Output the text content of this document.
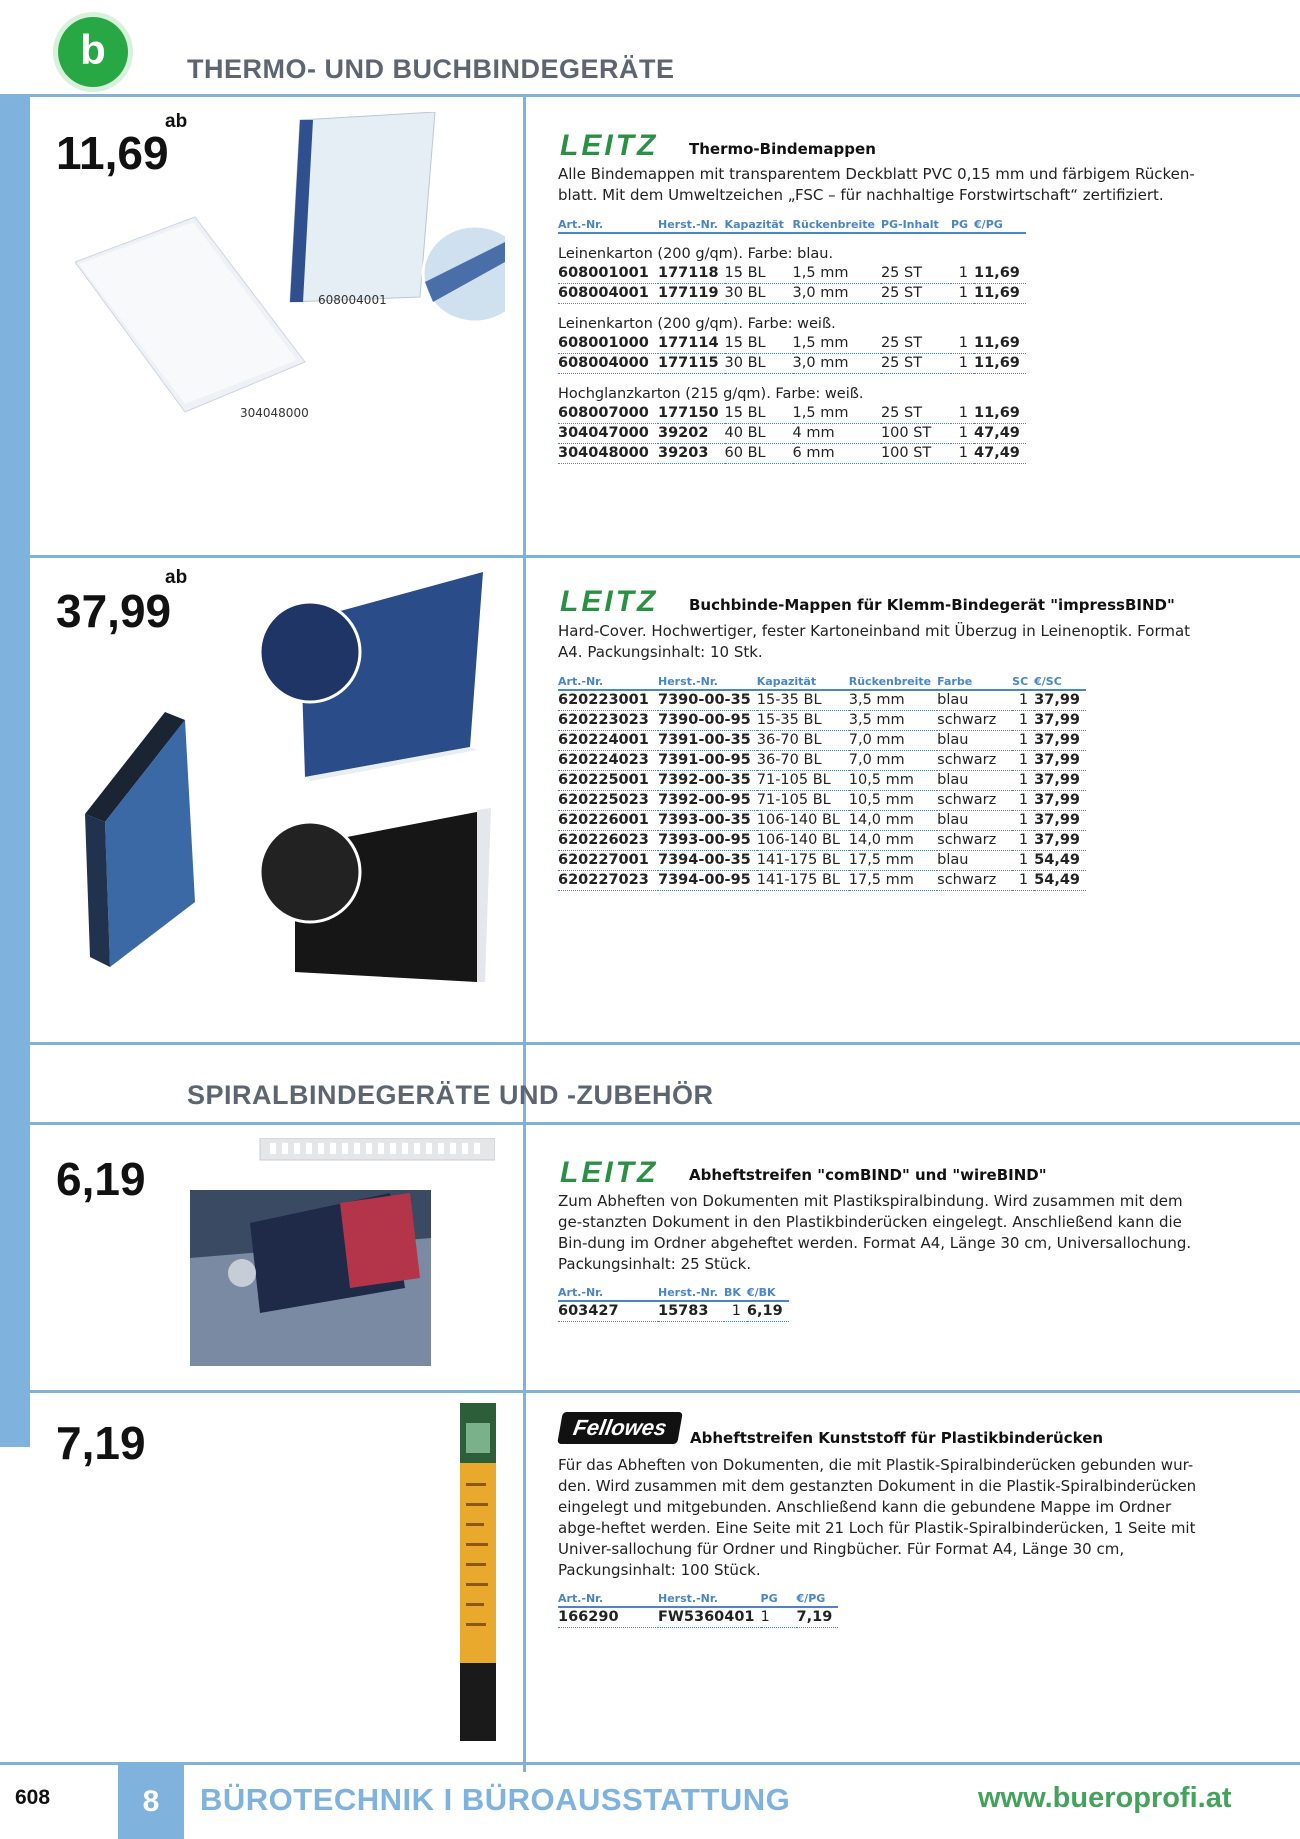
b	THERMO- UND BUCHBINDEGERÄTE
11,69
ab
608004001
304048000
LEITZ Thermo-Bindemappen
Alle Bindemappen mit transparentem Deckblatt PVC 0,15 mm und färbigem Rücken-blatt. Mit dem Umweltzeichen „FSC – für nachhaltige Forstwirtschaft“ zertifiziert.
Art.-Nr.	Herst.-Nr.	Kapazität	Rückenbreite	PG-Inhalt	PG	€/PG
Leinenkarton (200 g/qm). Farbe: blau.						
608001001	177118	15 BL	1,5 mm	25 ST	1	11,69
608004001	177119	30 BL	3,0 mm	25 ST	1	11,69
Leinenkarton (200 g/qm). Farbe: weiß.						
608001000	177114	15 BL	1,5 mm	25 ST	1	11,69
608004000	177115	30 BL	3,0 mm	25 ST	1	11,69
Hochglanzkarton (215 g/qm). Farbe: weiß.						
608007000	177150	15 BL	1,5 mm	25 ST	1	11,69
304047000	39202	40 BL	4 mm	100 ST	1	47,49
304048000	39203	60 BL	6 mm	100 ST	1	47,49
37,99
ab
LEITZ Buchbinde-Mappen für Klemm-Bindegerät "impressBIND"
Hard-Cover. Hochwertiger, fester Kartoneinband mit Überzug in Leinenoptik. Format A4. Packungsinhalt: 10 Stk.
Art.-Nr.	Herst.-Nr.	Kapazität	Rückenbreite	Farbe	SC	€/SC
620223001	7390-00-35	15-35 BL	3,5 mm	blau	1	37,99
620223023	7390-00-95	15-35 BL	3,5 mm	schwarz	1	37,99
620224001	7391-00-35	36-70 BL	7,0 mm	blau	1	37,99
620224023	7391-00-95	36-70 BL	7,0 mm	schwarz	1	37,99
620225001	7392-00-35	71-105 BL	10,5 mm	blau	1	37,99
620225023	7392-00-95	71-105 BL	10,5 mm	schwarz	1	37,99
620226001	7393-00-35	106-140 BL	14,0 mm	blau	1	37,99
620226023	7393-00-95	106-140 BL	14,0 mm	schwarz	1	37,99
620227001	7394-00-35	141-175 BL	17,5 mm	blau	1	54,49
620227023	7394-00-95	141-175 BL	17,5 mm	schwarz	1	54,49
SPIRALBINDEGERÄTE UND -ZUBEHÖR
6,19	LEITZ Abheftstreifen "comBIND" und "wireBIND"
Zum Abheften von Dokumenten mit Plastikspiralbindung. Wird zusammen mit dem ge-stanzten Dokument in den Plastikbinderücken eingelegt. Anschließend kann die Bin-dung im Ordner abgeheftet werden. Format A4, Länge 30 cm, Universallochung. Packungsinhalt: 25 Stück.
Art.-Nr.	Herst.-Nr.	BK	€/BK
603427	15783	1	6,19
7,19	Fellowes	Abheftstreifen Kunststoff für Plastikbinderücken
Für das Abheften von Dokumenten, die mit Plastik-Spiralbinderücken gebunden wur-den. Wird zusammen mit dem gestanzten Dokument in die Plastik-Spiralbinderücken eingelegt und mitgebunden. Anschließend kann die gebundene Mappe im Ordner abge-heftet werden. Eine Seite mit 21 Loch für Plastik-Spiralbinderücken, 1 Seite mit Univer-sallochung für Ordner und Ringbücher. Für Format A4, Länge 30 cm, Packungsinhalt: 100 Stück.
Art.-Nr.	Herst.-Nr.	PG	€/PG
166290	FW5360401	1	7,19
608	8	BÜROTECHNIK I BÜROAUSSTATTUNG	www.bueroprofi.at
